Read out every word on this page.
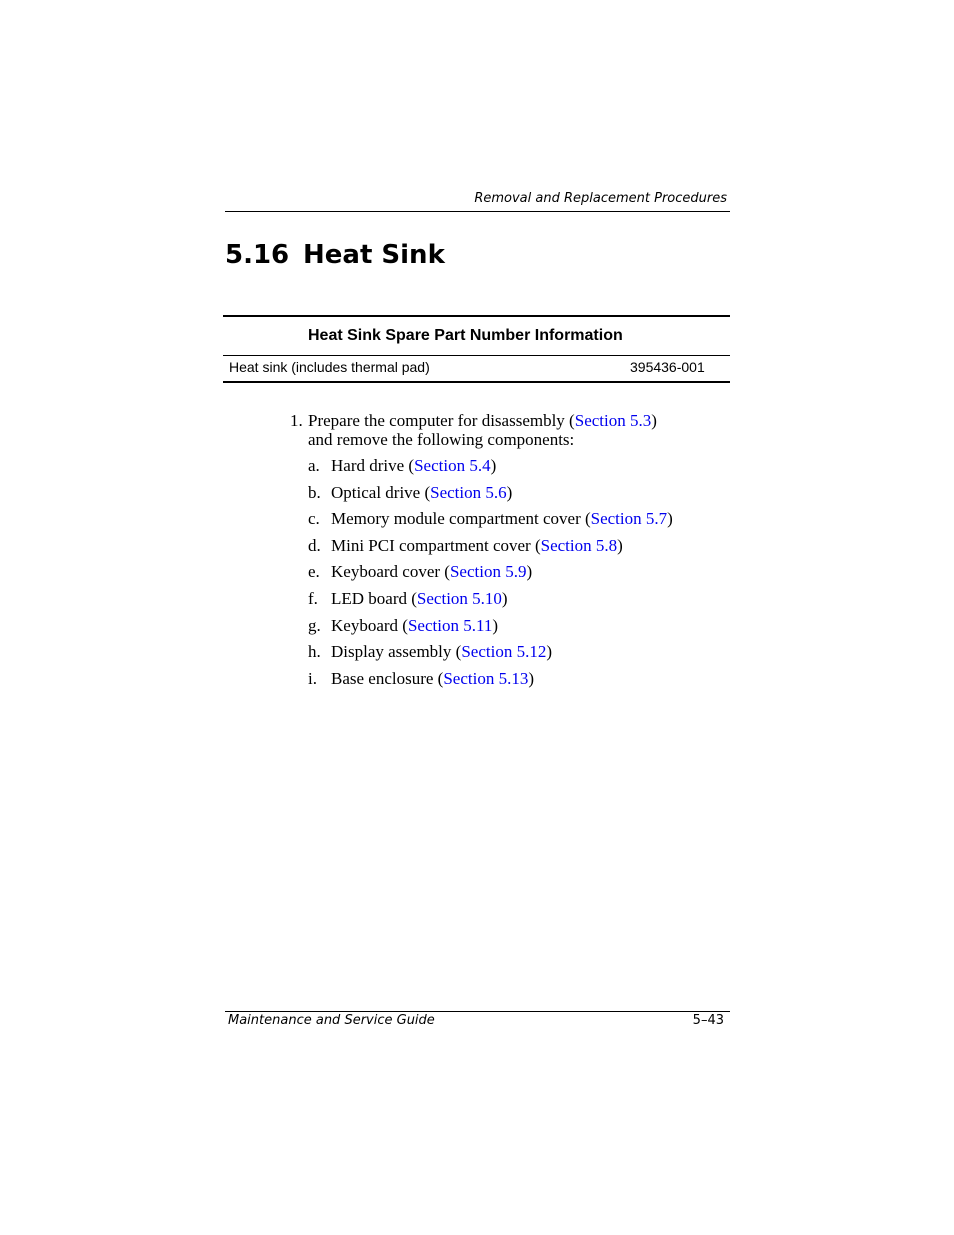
Removal and Replacement Procedures
5.16 Heat Sink
Heat Sink Spare Part Number Information
Heat sink (includes thermal pad)	395436-001
1. Prepare the computer for disassembly (Section 5.3)
and remove the following components:
a. Hard drive (Section 5.4)
b. Optical drive (Section 5.6)
c. Memory module compartment cover (Section 5.7)
d. Mini PCI compartment cover (Section 5.8)
e. Keyboard cover (Section 5.9)
f. LED board (Section 5.10)
g. Keyboard (Section 5.11)
h. Display assembly (Section 5.12)
i. Base enclosure (Section 5.13)
Maintenance and Service Guide	5–43
